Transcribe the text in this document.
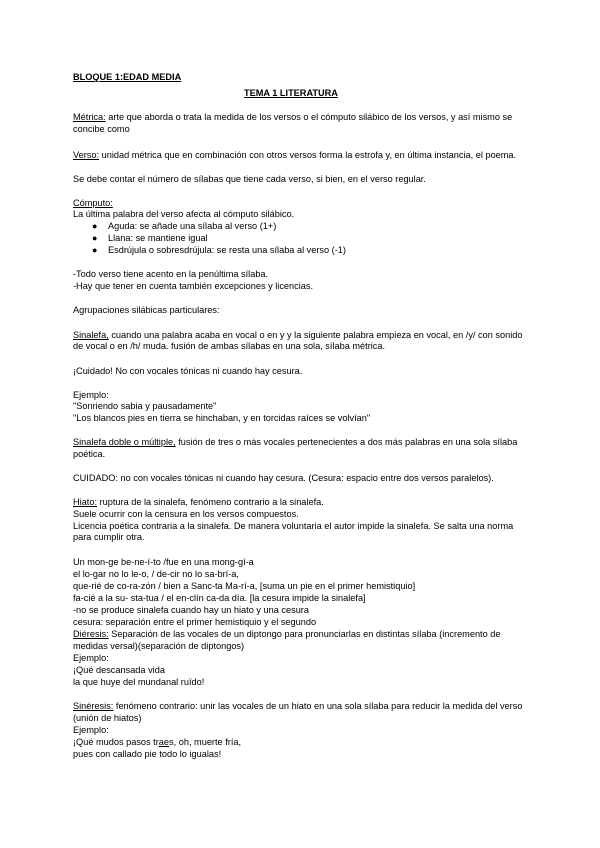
BLOQUE 1:EDAD MEDIA
TEMA 1 LITERATURA
Métrica: arte que aborda o trata la medida de los versos o el cómputo silábico de los versos, y así mismo se
concibe como
Verso: unidad métrica que en combinación con otros versos forma la estrofa y, en última instancia, el poema.
Se debe contar el número de sílabas que tiene cada verso, si bien, en el verso regular.
Cómputo:
La última palabra del verso afecta al cómputo silábico.
● Aguda: se añade una sílaba al verso (1+)
● Llana: se mantiene igual
● Esdrújula o sobresdrújula: se resta una sílaba al verso (-1)
-Todo verso tiene acento en la penúltima sílaba.
-Hay que tener en cuenta también excepciones y licencias.
Agrupaciones silábicas particulares:
Sinalefa, cuando una palabra acaba en vocal o en y y la siguiente palabra empieza en vocal, en /y/ con sonido
de vocal o en /h/ muda. fusión de ambas sílabas en una sola, sílaba métrica.
¡Cuidado! No con vocales tónicas ni cuando hay cesura.
Ejemplo:
"Sonriendo sabia y pausadamente"
"Los blancos pies en tierra se hinchaban, y en torcidas raíces se volvían"
Sinalefa doble o múltiple, fusión de tres o más vocales pertenecientes a dos más palabras en una sola sílaba
poética.
CUIDADO: no con vocales tónicas ni cuando hay cesura. (Cesura: espacio entre dos versos paralelos).
Hiato: ruptura de la sinalefa, fenómeno contrario a la sinalefa.
Suele ocurrir con la censura en los versos compuestos.
Licencia poética contraria a la sinalefa. De manera voluntaria el autor impide la sinalefa. Se salta una norma
para cumplir otra.
Un mon-ge be-ne-í-to /fue en una mong-gí-a
el lo-gar no lo le-o, / de-cir no lo sa-brí-a,
que-rié de co-ra-zón / bien a Sanc-ta Ma-rí-a, [suma un pie en el primer hemistiquio]
fa-cié a la su- sta-tua / el en-clín ca-da día. [la cesura impide la sinalefa]
-no se produce sinalefa cuando hay un hiato y una cesura
cesura: separación entre el primer hemistiquio y el segundo
Diéresis: Separación de las vocales de un diptongo para pronunciarlas en distintas sílaba (incremento de
medidas versal)(separación de diptongos)
Ejemplo:
¡Qué descansada vida
la que huye del mundanal ruïdo!
Sinéresis: fenómeno contrario: unir las vocales de un hiato en una sola sílaba para reducir la medida del verso
(unión de hiatos)
Ejemplo:
¡Qué mudos pasos traes, oh, muerte fría,
pues con callado pie todo lo igualas!
